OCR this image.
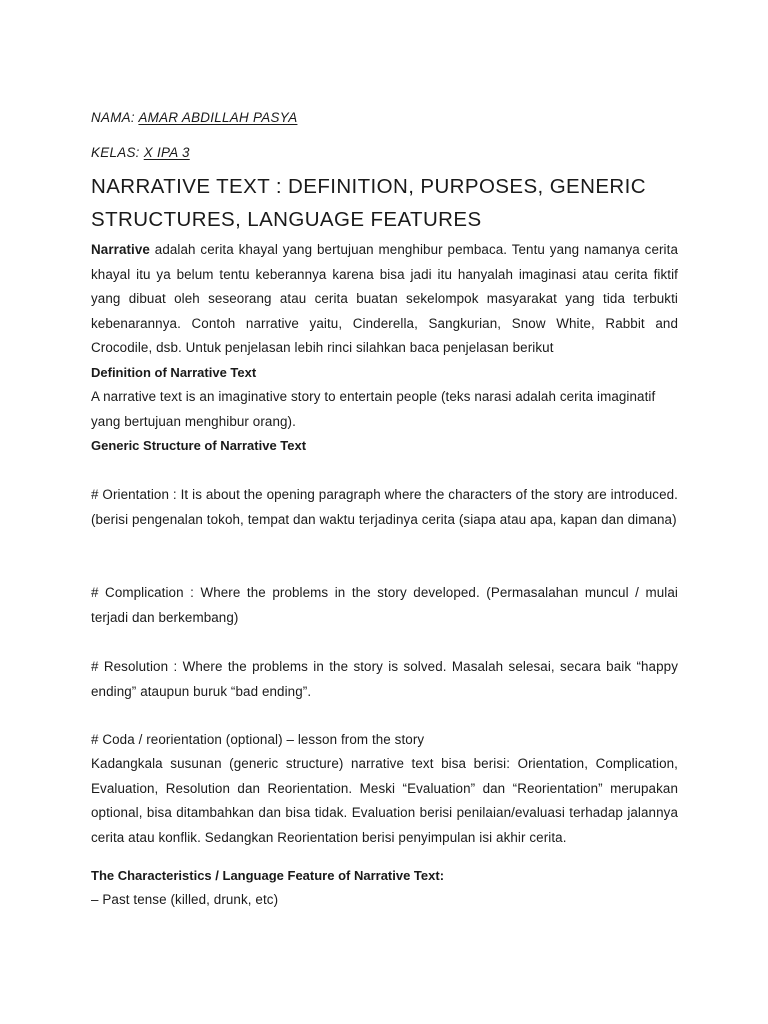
NAMA: AMAR ABDILLAH PASYA
KELAS: X IPA 3
NARRATIVE TEXT : DEFINITION, PURPOSES, GENERIC STRUCTURES, LANGUAGE FEATURES

Narrative adalah cerita khayal yang bertujuan menghibur pembaca. Tentu yang namanya cerita khayal itu ya belum tentu keberannya karena bisa jadi itu hanyalah imaginasi atau cerita fiktif yang dibuat oleh seseorang atau cerita buatan sekelompok masyarakat yang tida terbukti kebenarannya. Contoh narrative yaitu, Cinderella, Sangkurian, Snow White, Rabbit and Crocodile, dsb. Untuk penjelasan lebih rinci silahkan baca penjelasan berikut

Definition of Narrative Text

A narrative text is an imaginative story to entertain people (teks narasi adalah cerita imaginatif yang bertujuan menghibur orang).

Generic Structure of Narrative Text

# Orientation : It is about the opening paragraph where the characters of the story are introduced.(berisi pengenalan tokoh, tempat dan waktu terjadinya cerita (siapa atau apa, kapan dan dimana)

# Complication : Where the problems in the story developed. (Permasalahan muncul / mulai terjadi dan berkembang)

# Resolution : Where the problems in the story is solved. Masalah selesai, secara baik “happy ending” ataupun buruk “bad ending”.

# Coda / reorientation (optional) – lesson from the story

Kadangkala susunan (generic structure) narrative text bisa berisi: Orientation, Complication, Evaluation, Resolution dan Reorientation. Meski “Evaluation” dan “Reorientation” merupakan optional, bisa ditambahkan dan bisa tidak. Evaluation berisi penilaian/evaluasi terhadap jalannya cerita atau konflik. Sedangkan Reorientation berisi penyimpulan isi akhir cerita.

The Characteristics / Language Feature of Narrative Text:

– Past tense (killed, drunk, etc)
